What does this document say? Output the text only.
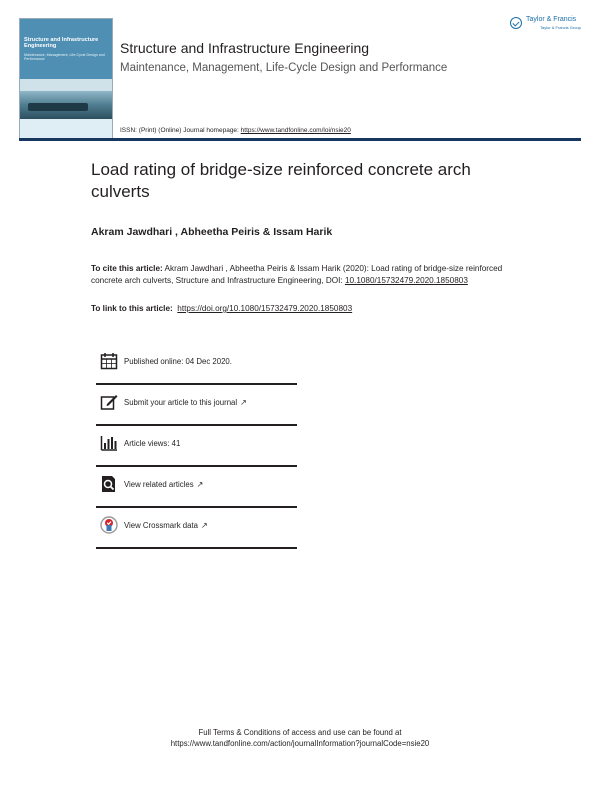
Structure and Infrastructure Engineering
Maintenance, Management, Life-Cycle Design and Performance
Taylor & Francis
Taylor & Francis Group
Structure and Infrastructure Engineering
Maintenance, Management, Life-Cycle Design and Performance
ISSN: (Print) (Online) Journal homepage: https://www.tandfonline.com/loi/nsie20
Load rating of bridge-size reinforced concrete arch culverts
Akram Jawdhari , Abheetha Peiris & Issam Harik
To cite this article: Akram Jawdhari , Abheetha Peiris & Issam Harik (2020): Load rating of bridge-size reinforced concrete arch culverts, Structure and Infrastructure Engineering, DOI: 10.1080/15732479.2020.1850803
To link to this article: https://doi.org/10.1080/15732479.2020.1850803
Published online: 04 Dec 2020.
Submit your article to this journal ↗
Article views: 41
View related articles ↗
View Crossmark data ↗
Full Terms & Conditions of access and use can be found at
https://www.tandfonline.com/action/journalInformation?journalCode=nsie20
